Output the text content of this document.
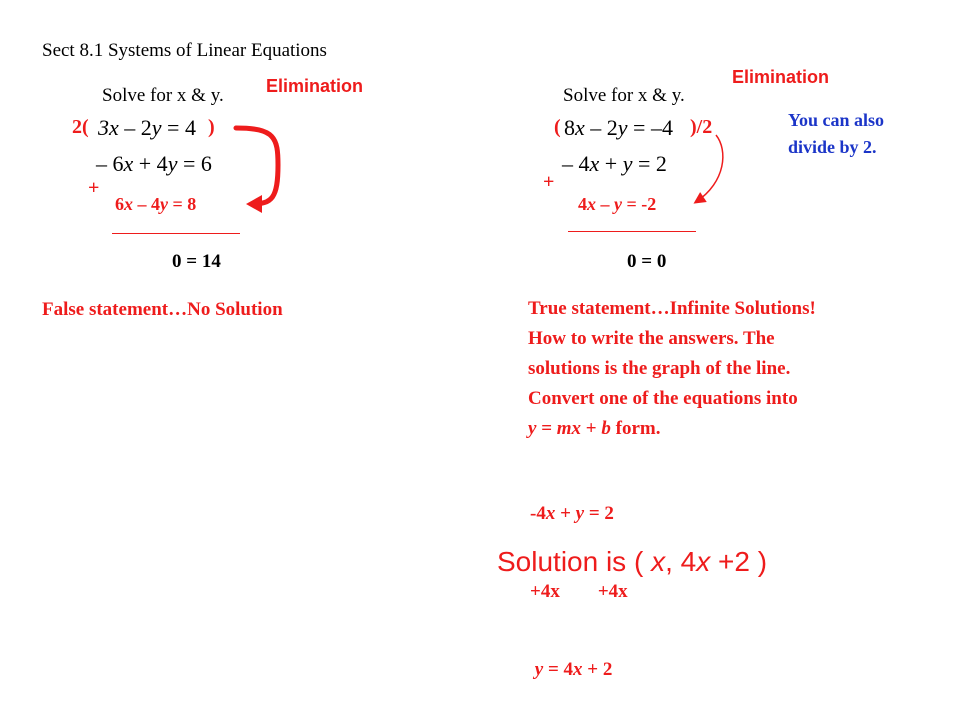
Sect 8.1 Systems of Linear Equations
Solve for x & y. Elimination
2( 3x – 2y = 4 )
– 6x + 4y = 6
+
6x – 4y = 8
0 = 14
False statement…No Solution
Elimination
Solve for x & y.
You can also
divide by 2.
( 8x – 2y = –4 )/2
– 4x + y = 2
+
4x – y = -2
0 = 0
True statement…Infinite Solutions!
How to write the answers. The
solutions is the graph of the line.
Convert one of the equations into
y = mx + b form.

-4x + y = 2

+4x        +4x

y = 4x + 2

Solution is ( x, 4x +2 )
